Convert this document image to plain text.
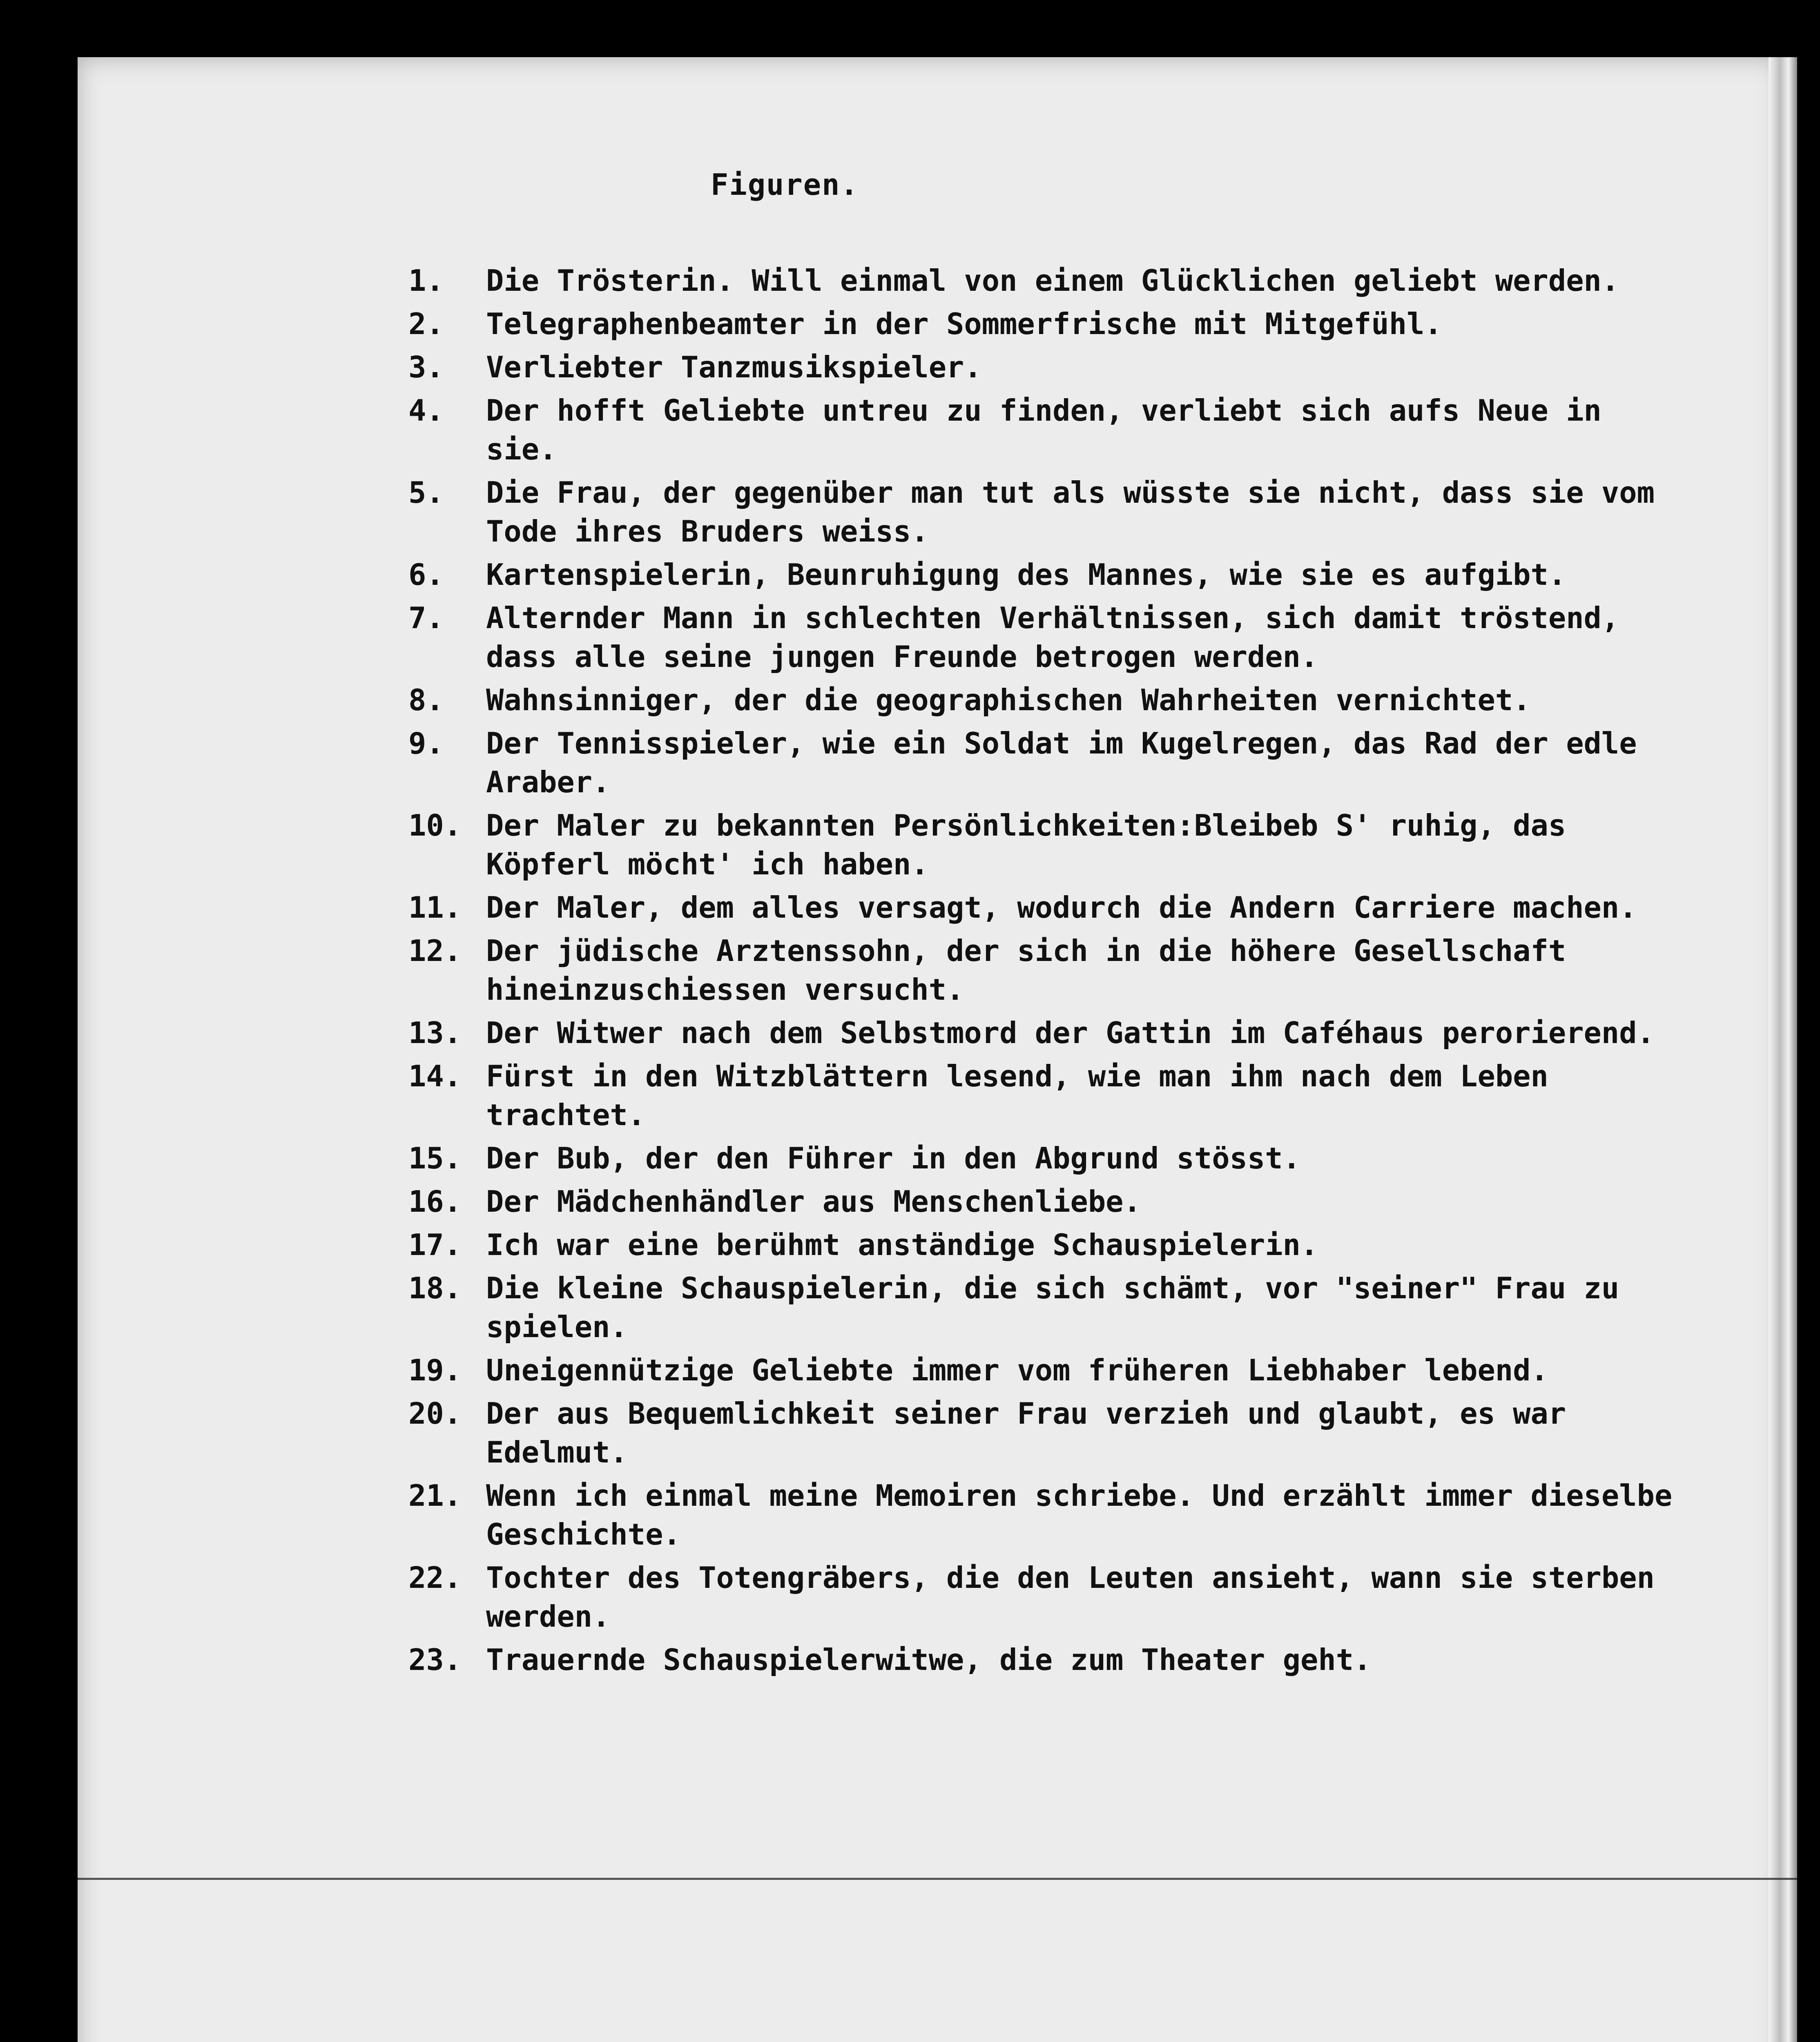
Figuren.
1.	Die Trösterin. Will einmal von einem Glücklichen geliebt werden.
2.	Telegraphenbeamter in der Sommerfrische mit Mitgefühl.
3.	Verliebter Tanzmusikspieler.
4.	Der hofft Geliebte untreu zu finden, verliebt sich aufs Neue in sie.
5.	Die Frau, der gegenüber man tut als wüsste sie nicht, dass sie vom Tode ihres Bruders weiss.
6.	Kartenspielerin, Beunruhigung des Mannes, wie sie es aufgibt.
7.	Alternder Mann in schlechten Verhältnissen, sich damit tröstend, dass alle seine jungen Freunde betrogen werden.
8.	Wahnsinniger, der die geographischen Wahrheiten vernichtet.
9.	Der Tennisspieler, wie ein Soldat im Kugelregen, das Rad der edle Araber.
10. Der Maler zu bekannten Persönlichkeiten:Bleibeb S' ruhig, das Köpferl möcht' ich haben.
11. Der Maler, dem alles versagt, wodurch die Andern Carriere machen.
12. Der jüdische Arztenssohn, der sich in die höhere Gesellschaft hineinzuschiessen versucht.
13. Der Witwer nach dem Selbstmord der Gattin im Caféhaus perorierend.
14. Fürst in den Witzblättern lesend, wie man ihm nach dem Leben trachtet.
15. Der Bub, der den Führer in den Abgrund stösst.
16. Der Mädchenhändler aus Menschenliebe.
17. Ich war eine berühmt anständige Schauspielerin.
18. Die kleine Schauspielerin, die sich schämt, vor "seiner" Frau zu spielen.
19. Uneigennützige Geliebte immer vom früheren Liebhaber lebend.
20. Der aus Bequemlichkeit seiner Frau verzieh und glaubt, es war Edelmut.
21. Wenn ich einmal meine Memoiren schriebe. Und erzählt immer dieselbe Geschichte.
22. Tochter des Totengräbers, die den Leuten ansieht, wann sie sterben werden.
23. Trauernde Schauspielerwitwe, die zum Theater geht.
